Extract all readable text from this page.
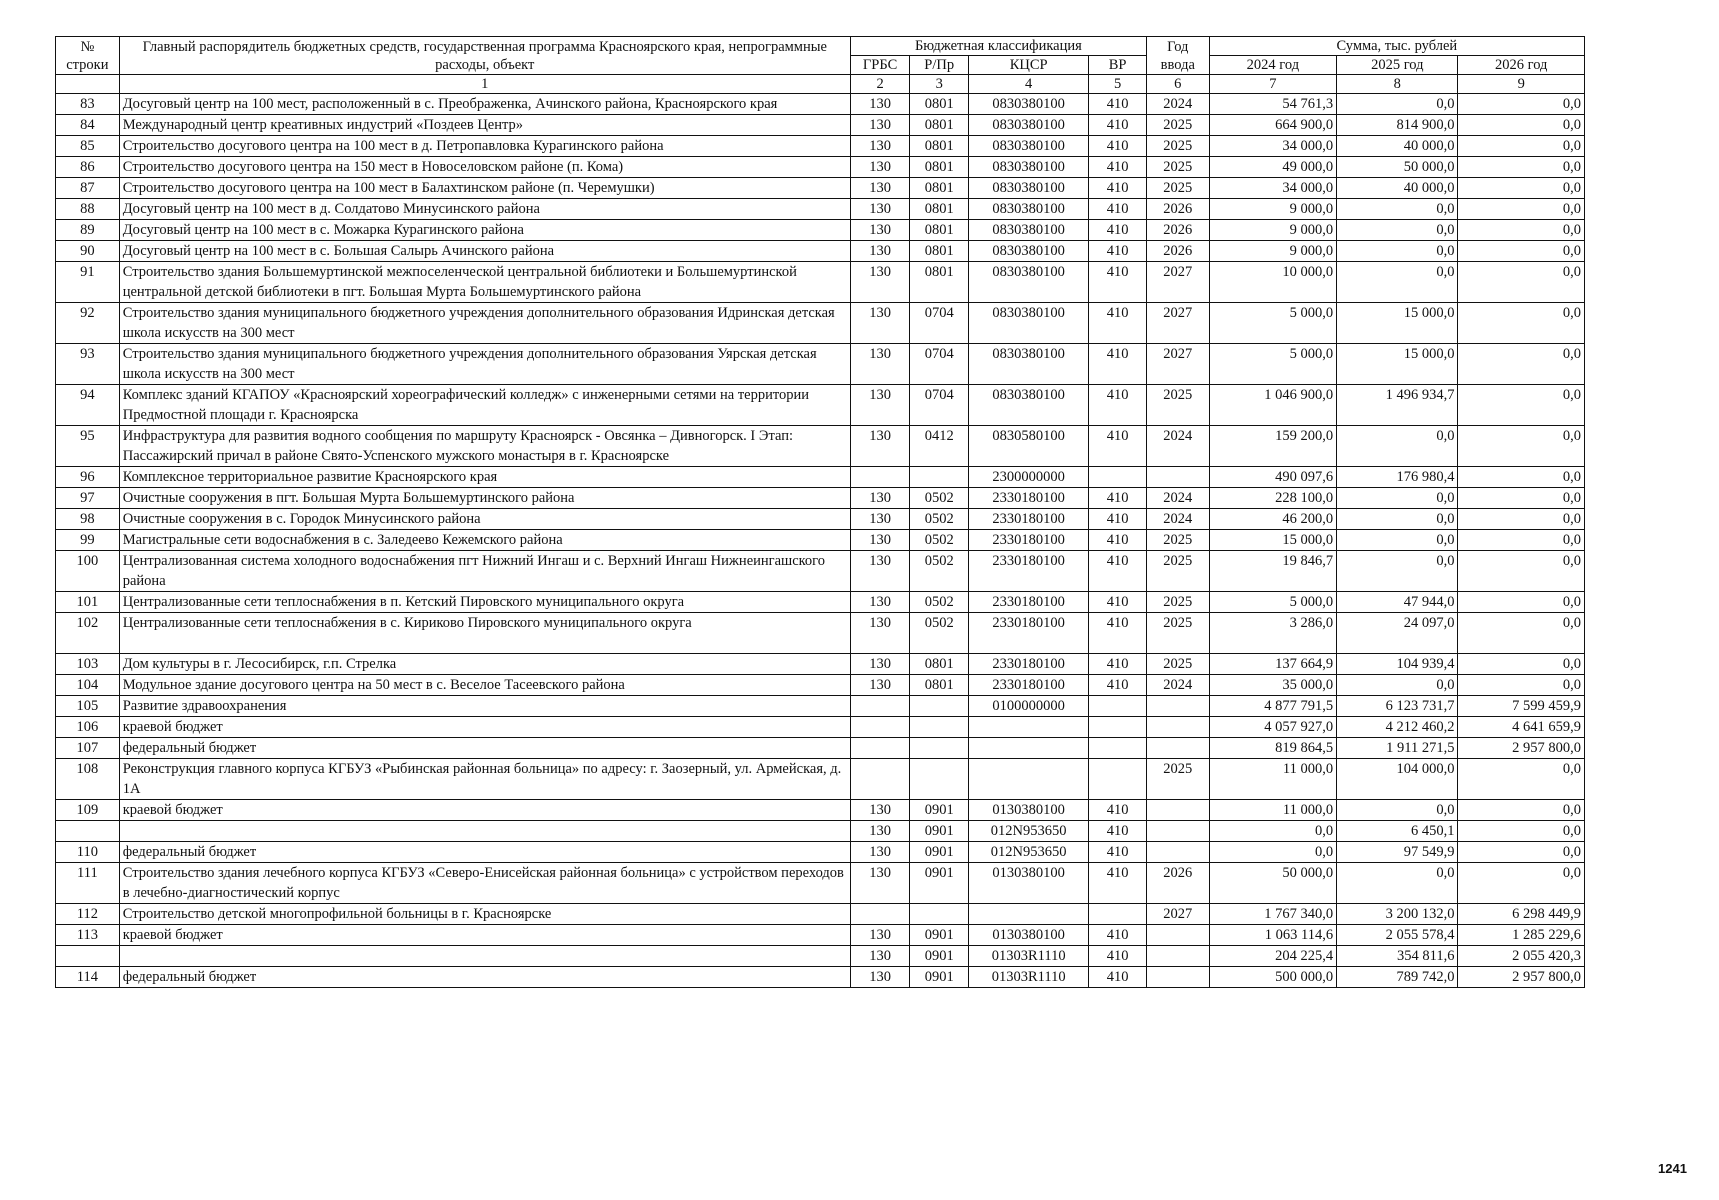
№
строки	Главный распорядитель бюджетных средств, государственная программа Красноярского края, непрограммные расходы, объект	Бюджетная классификация				Год ввода	Сумма, тыс. рублей		
		ГРБС	Р/Пр	КЦСР	ВР		2024 год	2025 год	2026 год
	1	2	3	4	5	6	7	8	9
83	Досуговый центр на 100 мест, расположенный в с. Преображенка, Ачинского района, Красноярского края	130	0801	0830380100	410	2024	54 761,3	0,0	0,0
84	Международный центр креативных индустрий «Поздеев Центр»	130	0801	0830380100	410	2025	664 900,0	814 900,0	0,0
85	Строительство досугового центра на 100 мест в д. Петропавловка Курагинского района	130	0801	0830380100	410	2025	34 000,0	40 000,0	0,0
86	Строительство досугового центра на 150 мест в Новоселовском районе (п. Кома)	130	0801	0830380100	410	2025	49 000,0	50 000,0	0,0
87	Строительство досугового центра на 100 мест в Балахтинском районе (п. Черемушки)	130	0801	0830380100	410	2025	34 000,0	40 000,0	0,0
88	Досуговый центр на 100 мест в д. Солдатово Минусинского района	130	0801	0830380100	410	2026	9 000,0	0,0	0,0
89	Досуговый центр на 100 мест в с. Можарка Курагинского района	130	0801	0830380100	410	2026	9 000,0	0,0	0,0
90	Досуговый центр на 100 мест в с. Большая Салырь Ачинского района	130	0801	0830380100	410	2026	9 000,0	0,0	0,0
91	Строительство здания Большемуртинской межпоселенческой центральной библиотеки и Большемуртинской центральной детской библиотеки в пгт. Большая Мурта Большемуртинского района	130	0801	0830380100	410	2027	10 000,0	0,0	0,0
92	Строительство здания муниципального бюджетного учреждения дополнительного образования Идринская детская школа искусств на 300 мест	130	0704	0830380100	410	2027	5 000,0	15 000,0	0,0
93	Строительство здания муниципального бюджетного учреждения дополнительного образования Уярская детская школа искусств на 300 мест	130	0704	0830380100	410	2027	5 000,0	15 000,0	0,0
94	Комплекс зданий КГАПОУ «Красноярский хореографический колледж» с инженерными сетями на территории Предмостной площади г. Красноярска	130	0704	0830380100	410	2025	1 046 900,0	1 496 934,7	0,0
95	Инфраструктура для развития водного сообщения по маршруту Красноярск - Овсянка – Дивногорск. I Этап: Пассажирский причал в районе Свято-Успенского мужского монастыря в г. Красноярске	130	0412	0830580100	410	2024	159 200,0	0,0	0,0
96	Комплексное территориальное развитие Красноярского края			2300000000			490 097,6	176 980,4	0,0
97	Очистные сооружения в пгт. Большая Мурта Большемуртинского района	130	0502	2330180100	410	2024	228 100,0	0,0	0,0
98	Очистные сооружения в с. Городок Минусинского района	130	0502	2330180100	410	2024	46 200,0	0,0	0,0
99	Магистральные сети водоснабжения в с. Заледеево Кежемского района	130	0502	2330180100	410	2025	15 000,0	0,0	0,0
100	Централизованная система холодного водоснабжения пгт Нижний Ингаш и с. Верхний Ингаш Нижнеингашского района	130	0502	2330180100	410	2025	19 846,7	0,0	0,0
101	Централизованные сети теплоснабжения в п. Кетский Пировского муниципального округа	130	0502	2330180100	410	2025	5 000,0	47 944,0	0,0
102	Централизованные сети теплоснабжения в с. Кириково Пировского муниципального округа	130	0502	2330180100	410	2025	3 286,0	24 097,0	0,0
103	Дом культуры в г. Лесосибирск, г.п. Стрелка	130	0801	2330180100	410	2025	137 664,9	104 939,4	0,0
104	Модульное здание досугового центра на 50 мест в с. Веселое Тасеевского района	130	0801	2330180100	410	2024	35 000,0	0,0	0,0
105	Развитие здравоохранения			0100000000			4 877 791,5	6 123 731,7	7 599 459,9
106	краевой бюджет						4 057 927,0	4 212 460,2	4 641 659,9
107	федеральный бюджет						819 864,5	1 911 271,5	2 957 800,0
108	Реконструкция главного корпуса КГБУЗ «Рыбинская районная больница» по адресу: г. Заозерный, ул. Армейская, д. 1А					2025	11 000,0	104 000,0	0,0
109	краевой бюджет	130	0901	0130380100	410		11 000,0	0,0	0,0
		130	0901	012N953650	410		0,0	6 450,1	0,0
110	федеральный бюджет	130	0901	012N953650	410		0,0	97 549,9	0,0
111	Строительство здания лечебного корпуса КГБУЗ «Северо-Енисейская районная больница» с устройством переходов в лечебно-диагностический корпус	130	0901	0130380100	410	2026	50 000,0	0,0	0,0
112	Строительство детской многопрофильной больницы в г. Красноярске					2027	1 767 340,0	3 200 132,0	6 298 449,9
113	краевой бюджет	130	0901	0130380100	410		1 063 114,6	2 055 578,4	1 285 229,6
		130	0901	01303R1110	410		204 225,4	354 811,6	2 055 420,3
114	федеральный бюджет	130	0901	01303R1110	410		500 000,0	789 742,0	2 957 800,0
1241
